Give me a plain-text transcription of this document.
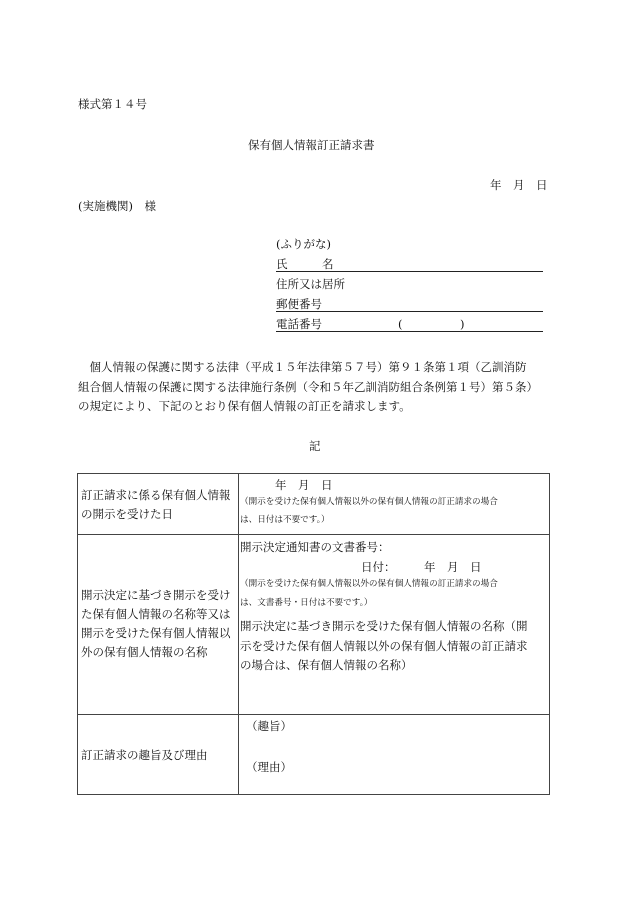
様式第１４号
保有個人情報訂正請求書
年　月　日
(実施機関)　様
(ふりがな)
氏　　　名
住所又は居所
郵便番号
電話番号	(　　　　　)
　個人情報の保護に関する法律（平成１５年法律第５７号）第９１条第１項（乙訓消防
組合個人情報の保護に関する法律施行条例（令和５年乙訓消防組合条例第１号）第５条）
の規定により、下記のとおり保有個人情報の訂正を請求します。
記
訂正請求に係る保有個人情報
の開示を受けた日
年　月　日
（開示を受けた保有個人情報以外の保有個人情報の訂正請求の場合
は、日付は不要です。）
開示決定に基づき開示を受け
た保有個人情報の名称等又は
開示を受けた保有個人情報以
外の保有個人情報の名称
開示決定通知書の文書番号：
日付： 年　月　日
（開示を受けた保有個人情報以外の保有個人情報の訂正請求の場合
は、文書番号・日付は不要です。）
開示決定に基づき開示を受けた保有個人情報の名称（開
示を受けた保有個人情報以外の保有個人情報の訂正請求
の場合は、保有個人情報の名称）
訂正請求の趣旨及び理由
（趣旨）
（理由）
